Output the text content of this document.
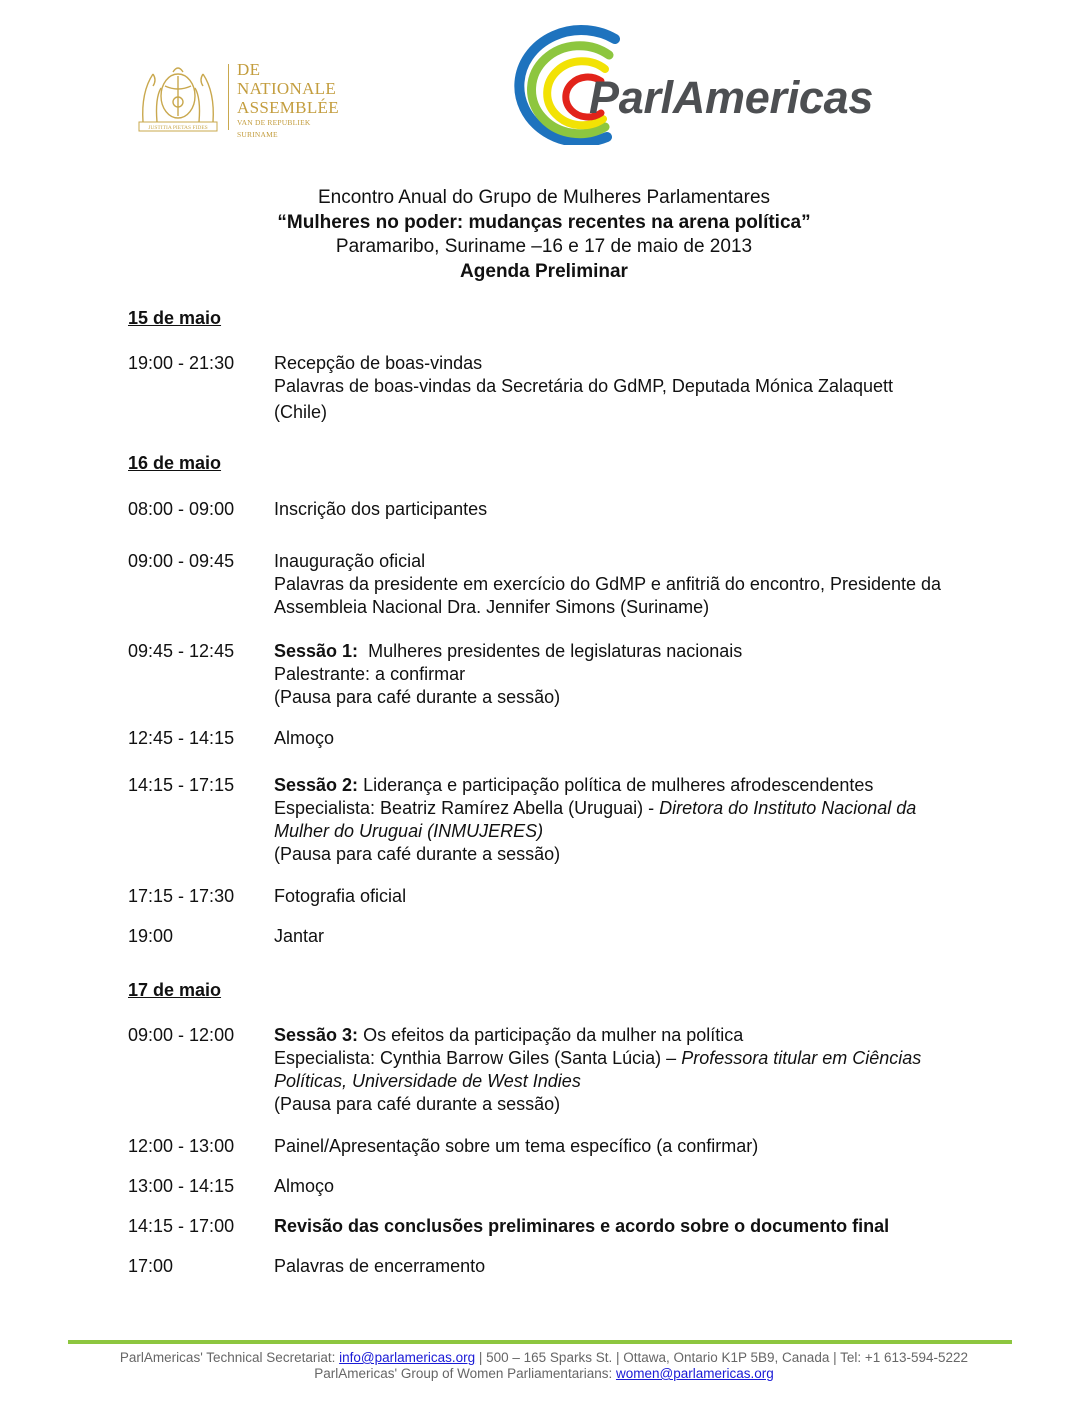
JUSTITIA PIETAS FIDES
DE
NATIONALE
ASSEMBLÉE
VAN DE REPUBLIEK SURINAME
ParlAmericas
Encontro Anual do Grupo de Mulheres Parlamentares
“Mulheres no poder: mudanças recentes na arena política”
Paramaribo, Suriname –16 e 17 de maio de 2013
Agenda Preliminar
15 de maio
19:00 - 21:30	Recepção de boas-vindas
Palavras de boas-vindas da Secretária do GdMP, Deputada Mónica Zalaquett
(Chile)
16 de maio
08:00 - 09:00	Inscrição dos participantes
09:00 - 09:45	Inauguração oficial
Palavras da presidente em exercício do GdMP e anfitriã do encontro, Presidente da
Assembleia Nacional Dra. Jennifer Simons (Suriname)
09:45 - 12:45	Sessão 1: Mulheres presidentes de legislaturas nacionais
Palestrante: a confirmar
(Pausa para café durante a sessão)
12:45 - 14:15	Almoço
14:15 - 17:15	Sessão 2: Liderança e participação política de mulheres afrodescendentes
Especialista: Beatriz Ramírez Abella (Uruguai) - Diretora do Instituto Nacional da
Mulher do Uruguai (INMUJERES)
(Pausa para café durante a sessão)
17:15 - 17:30	Fotografia oficial
19:00	Jantar
17 de maio
09:00 - 12:00	Sessão 3: Os efeitos da participação da mulher na política
Especialista: Cynthia Barrow Giles (Santa Lúcia) – Professora titular em Ciências
Políticas, Universidade de West Indies
(Pausa para café durante a sessão)
12:00 - 13:00	Painel/Apresentação sobre um tema específico (a confirmar)
13:00 - 14:15	Almoço
14:15 - 17:00	Revisão das conclusões preliminares e acordo sobre o documento final
17:00	Palavras de encerramento
ParlAmericas' Technical Secretariat: info@parlamericas.org | 500 – 165 Sparks St. | Ottawa, Ontario K1P 5B9, Canada | Tel: +1 613-594-5222
ParlAmericas' Group of Women Parliamentarians: women@parlamericas.org
